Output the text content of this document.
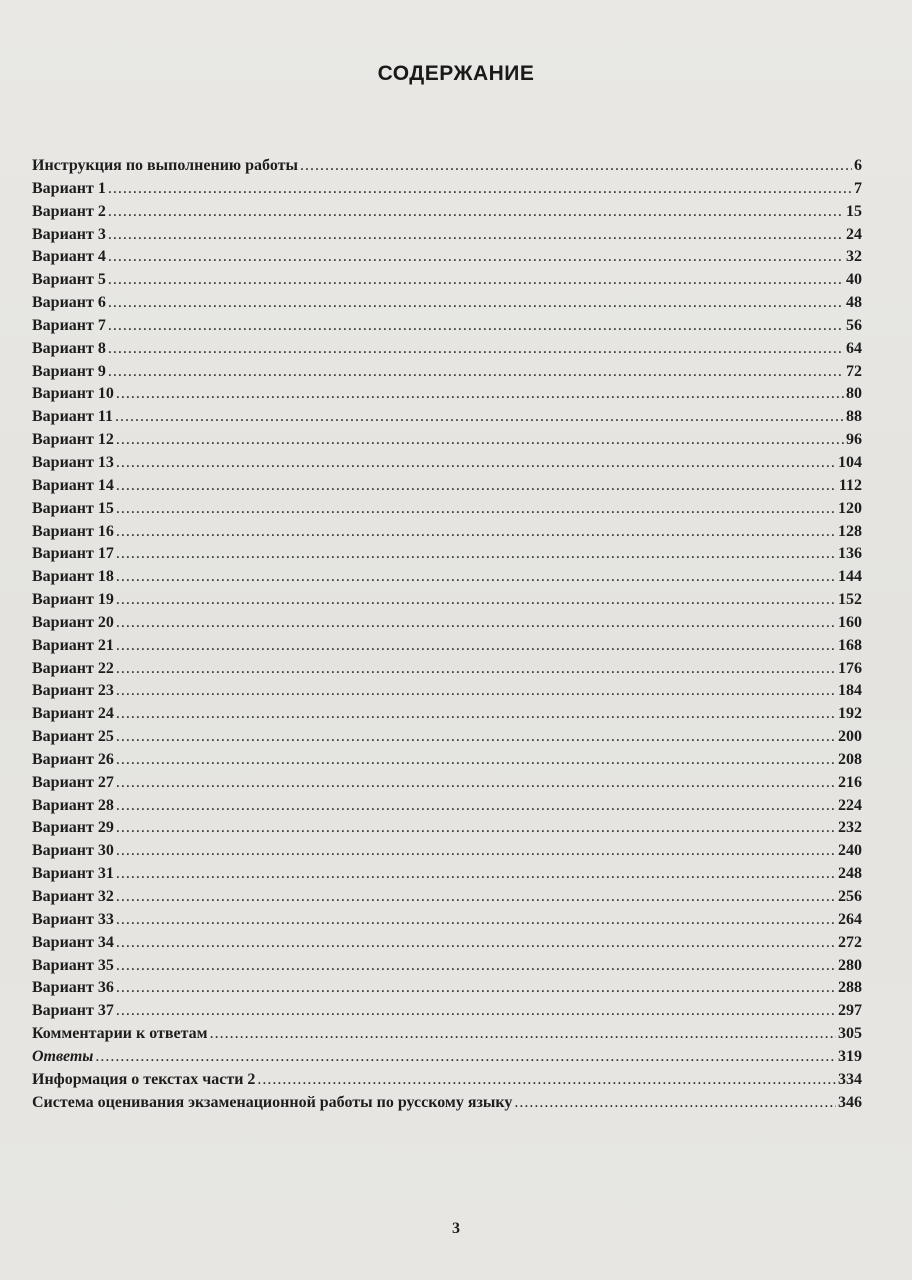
СОДЕРЖАНИЕ
Инструкция по выполнению работы .....	6
Вариант 1 .....	7
Вариант 2 .....	15
Вариант 3 .....	24
Вариант 4 .....	32
Вариант 5 .....	40
Вариант 6 .....	48
Вариант 7 .....	56
Вариант 8 .....	64
Вариант 9 .....	72
Вариант 10 .....	80
Вариант 11 .....	88
Вариант 12 .....	96
Вариант 13 .....	104
Вариант 14 .....	112
Вариант 15 .....	120
Вариант 16 .....	128
Вариант 17 .....	136
Вариант 18 .....	144
Вариант 19 .....	152
Вариант 20 .....	160
Вариант 21 .....	168
Вариант 22 .....	176
Вариант 23 .....	184
Вариант 24 .....	192
Вариант 25 .....	200
Вариант 26 .....	208
Вариант 27 .....	216
Вариант 28 .....	224
Вариант 29 .....	232
Вариант 30 .....	240
Вариант 31 .....	248
Вариант 32 .....	256
Вариант 33 .....	264
Вариант 34 .....	272
Вариант 35 .....	280
Вариант 36 .....	288
Вариант 37 .....	297
Комментарии к ответам .....	305
Ответы .....	319
Информация о текстах части 2 .....	334
Система оценивания экзаменационной работы по русскому языку .....	346
3
